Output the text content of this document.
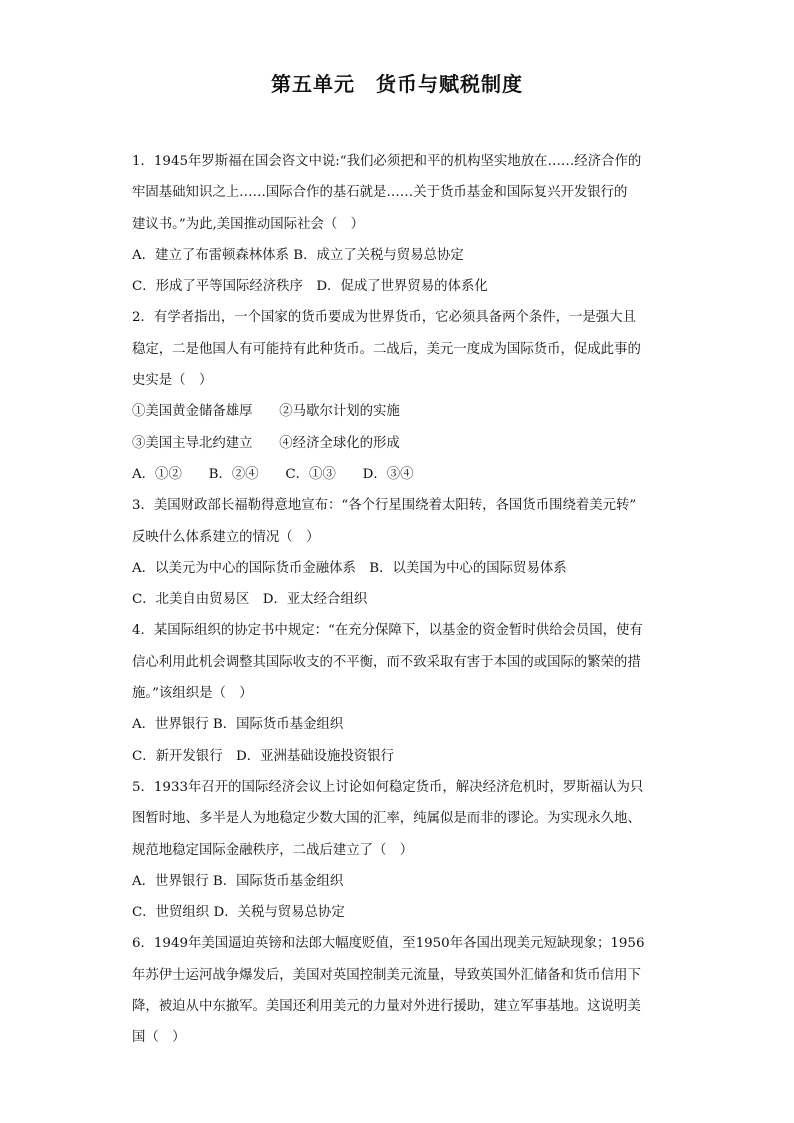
第五单元　货币与赋税制度
1．1945年罗斯福在国会咨文中说:“我们必须把和平的机构坚实地放在……经济合作的
牢固基础知识之上……国际合作的基石就是……关于货币基金和国际复兴开发银行的
建议书。”为此,美国推动国际社会（　）
A．建立了布雷顿森林体系 B．成立了关税与贸易总协定
C．形成了平等国际经济秩序　D．促成了世界贸易的体系化
2．有学者指出，一个国家的货币要成为世界货币，它必须具备两个条件，一是强大且
稳定，二是他国人有可能持有此种货币。二战后，美元一度成为国际货币，促成此事的
史实是（　）
①美国黄金储备雄厚　　②马歇尔计划的实施
③美国主导北约建立　　④经济全球化的形成
A．①②　　B．②④　　C．①③　　D．③④
3．美国财政部长福勒得意地宣布：“各个行星围绕着太阳转，各国货币围绕着美元转”
反映什么体系建立的情况（　）
A．以美元为中心的国际货币金融体系　B．以美国为中心的国际贸易体系
C．北美自由贸易区　D．亚太经合组织
4．某国际组织的协定书中规定：“在充分保障下，以基金的资金暂时供给会员国，使有
信心利用此机会调整其国际收支的不平衡，而不致采取有害于本国的或国际的繁荣的措
施。”该组织是（　）
A．世界银行 B．国际货币基金组织
C．新开发银行　D．亚洲基础设施投资银行
5．1933年召开的国际经济会议上讨论如何稳定货币，解决经济危机时，罗斯福认为只
图暂时地、多半是人为地稳定少数大国的汇率，纯属似是而非的谬论。为实现永久地、
规范地稳定国际金融秩序，二战后建立了（　）
A．世界银行 B．国际货币基金组织
C．世贸组织 D．关税与贸易总协定
6．1949年美国逼迫英镑和法郎大幅度贬值，至1950年各国出现美元短缺现象；1956
年苏伊士运河战争爆发后，美国对英国控制美元流量，导致英国外汇储备和货币信用下
降，被迫从中东撤军。美国还利用美元的力量对外进行援助，建立军事基地。这说明美
国（　）
